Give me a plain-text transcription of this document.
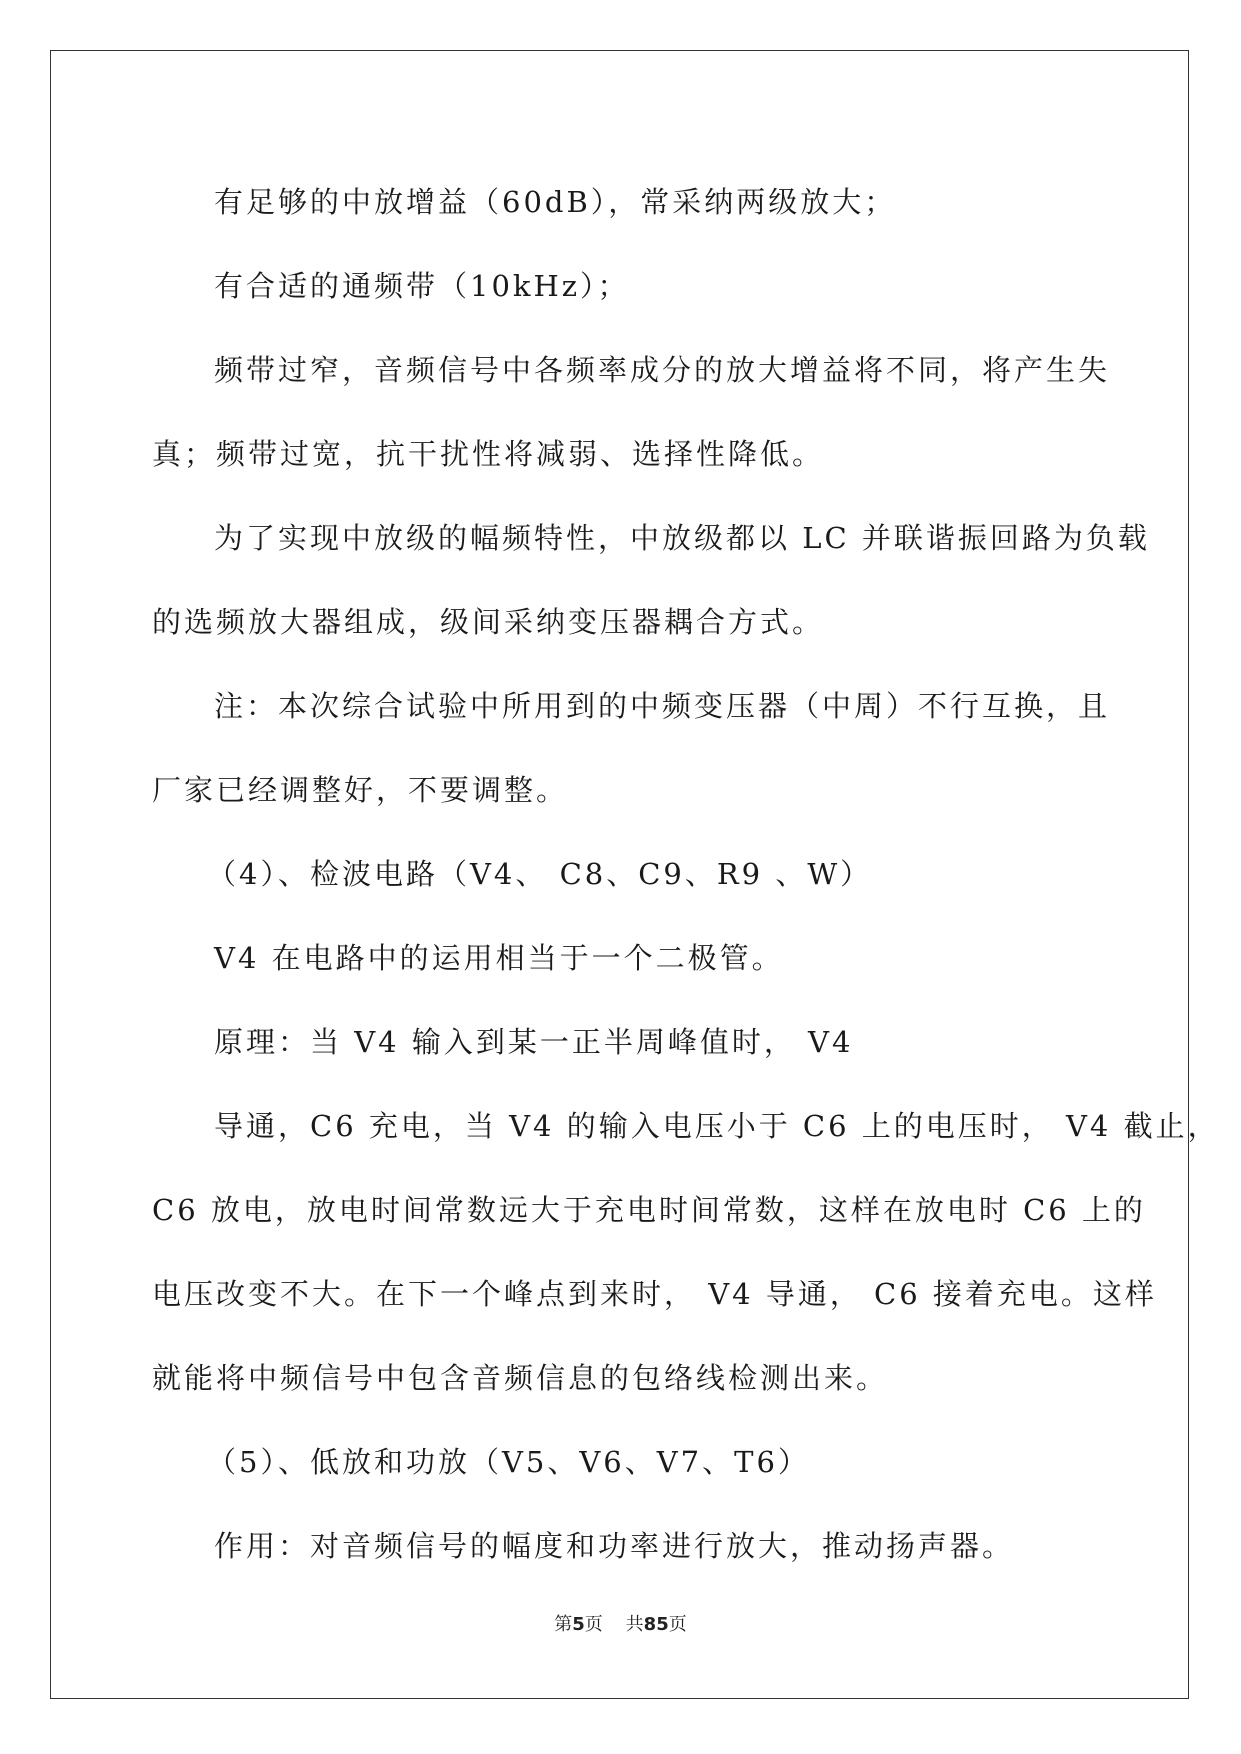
有足够的中放增益（60dB），常采纳两级放大；

有合适的通频带（10kHz）；

频带过窄，音频信号中各频率成分的放大增益将不同，将产生失

真；频带过宽，抗干扰性将减弱、选择性降低。

为了实现中放级的幅频特性，中放级都以 LC 并联谐振回路为负载

的选频放大器组成，级间采纳变压器耦合方式。

注：本次综合试验中所用到的中频变压器（中周）不行互换，且

厂家已经调整好，不要调整。

（4）、检波电路（V4、 C8、C9、R9 、W）

V4 在电路中的运用相当于一个二极管。

原理：当 V4 输入到某一正半周峰值时， V4

导通，C6 充电，当 V4 的输入电压小于 C6 上的电压时， V4 截止，

C6 放电，放电时间常数远大于充电时间常数，这样在放电时 C6 上的

电压改变不大。在下一个峰点到来时， V4 导通， C6 接着充电。这样

就能将中频信号中包含音频信息的包络线检测出来。

（5）、低放和功放（V5、V6、V7、T6）

作用：对音频信号的幅度和功率进行放大，推动扬声器。

第5页 共85页
